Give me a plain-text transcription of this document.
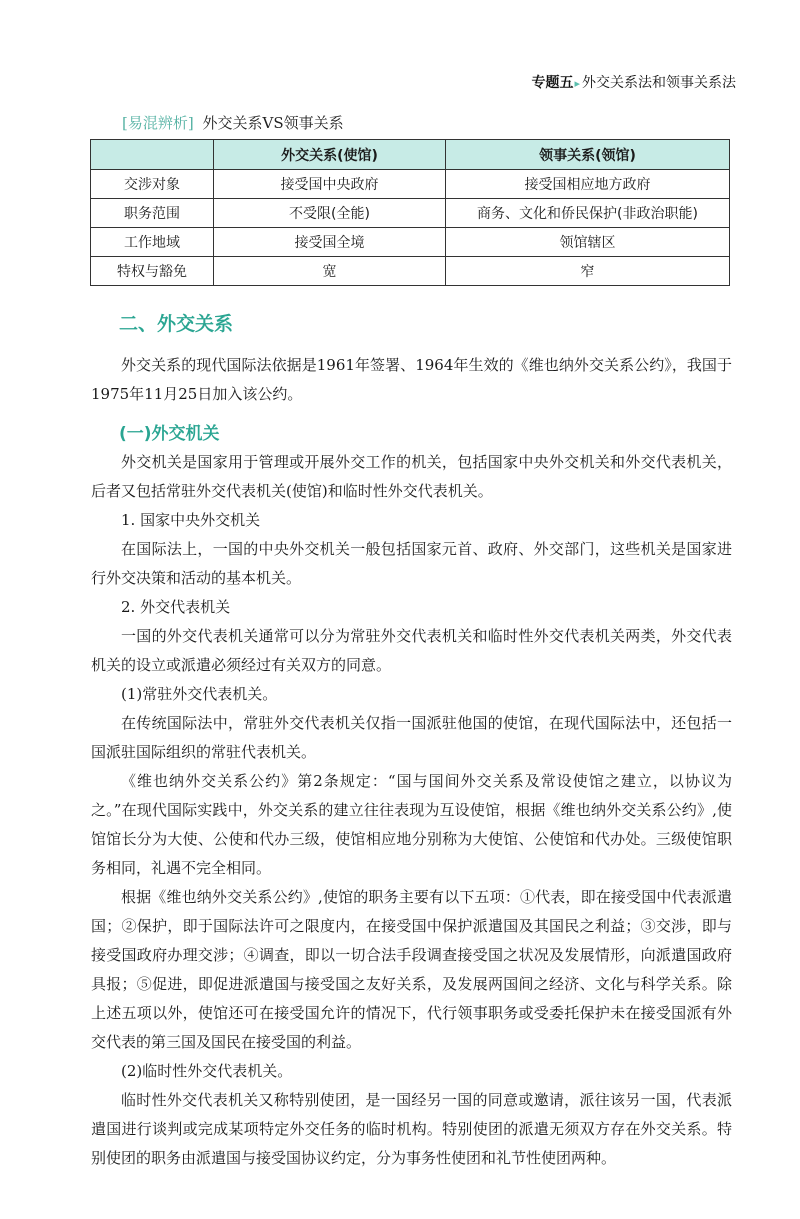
专题五▸ 外交关系法和领事关系法
[易混辨析] 外交关系VS领事关系
	外交关系(使馆)	领事关系(领馆)
交涉对象	接受国中央政府	接受国相应地方政府
职务范围	不受限(全能)	商务、文化和侨民保护(非政治职能)
工作地域	接受国全境	领馆辖区
特权与豁免	宽	窄
二、外交关系

外交关系的现代国际法依据是1961年签署、1964年生效的《维也纳外交关系公约》，我国于1975年11月25日加入该公约。

(一)外交机关

外交机关是国家用于管理或开展外交工作的机关，包括国家中央外交机关和外交代表机关，后者又包括常驻外交代表机关(使馆)和临时性外交代表机关。

1. 国家中央外交机关

在国际法上，一国的中央外交机关一般包括国家元首、政府、外交部门，这些机关是国家进行外交决策和活动的基本机关。

2. 外交代表机关

一国的外交代表机关通常可以分为常驻外交代表机关和临时性外交代表机关两类，外交代表机关的设立或派遣必须经过有关双方的同意。

(1)常驻外交代表机关。

在传统国际法中，常驻外交代表机关仅指一国派驻他国的使馆，在现代国际法中，还包括一国派驻国际组织的常驻代表机关。

《维也纳外交关系公约》第2条规定：“国与国间外交关系及常设使馆之建立，以协议为之。”在现代国际实践中，外交关系的建立往往表现为互设使馆，根据《维也纳外交关系公约》,使馆馆长分为大使、公使和代办三级，使馆相应地分别称为大使馆、公使馆和代办处。三级使馆职务相同，礼遇不完全相同。

根据《维也纳外交关系公约》,使馆的职务主要有以下五项：①代表，即在接受国中代表派遣国；②保护，即于国际法许可之限度内，在接受国中保护派遣国及其国民之利益；③交涉，即与接受国政府办理交涉；④调查，即以一切合法手段调查接受国之状况及发展情形，向派遣国政府具报；⑤促进，即促进派遣国与接受国之友好关系，及发展两国间之经济、文化与科学关系。除上述五项以外，使馆还可在接受国允许的情况下，代行领事职务或受委托保护未在接受国派有外交代表的第三国及国民在接受国的利益。

(2)临时性外交代表机关。

临时性外交代表机关又称特别使团，是一国经另一国的同意或邀请，派往该另一国，代表派遣国进行谈判或完成某项特定外交任务的临时机构。特别使团的派遣无须双方存在外交关系。特别使团的职务由派遣国与接受国协议约定，分为事务性使团和礼节性使团两种。
